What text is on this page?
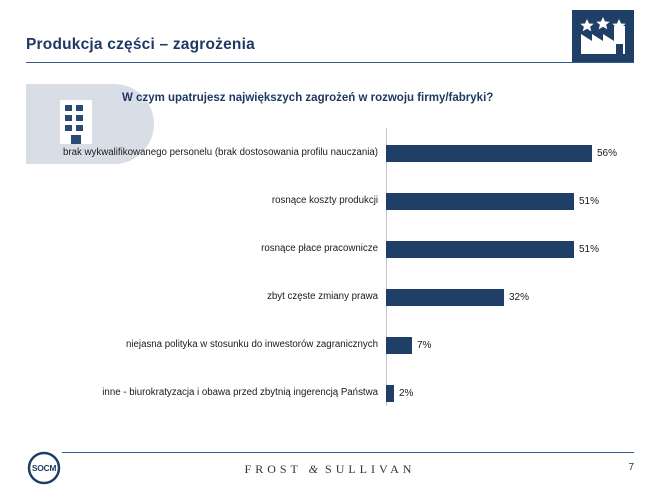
Produkcja części – zagrożenia
W czym upatrujesz największych zagrożeń w rozwoju firmy/fabryki?
brak wykwalifikowanego personelu (brak dostosowania profilu nauczania)	56%
rosnące koszty produkcji	51%
rosnące płace pracownicze	51%
zbyt częste zmiany prawa	32%
niejasna polityka w stosunku do inwestorów zagranicznych	7%
inne - biurokratyzacja i obawa przed zbytnią ingerencją Państwa	2%
SOCM	FROST & SULLIVAN	7
